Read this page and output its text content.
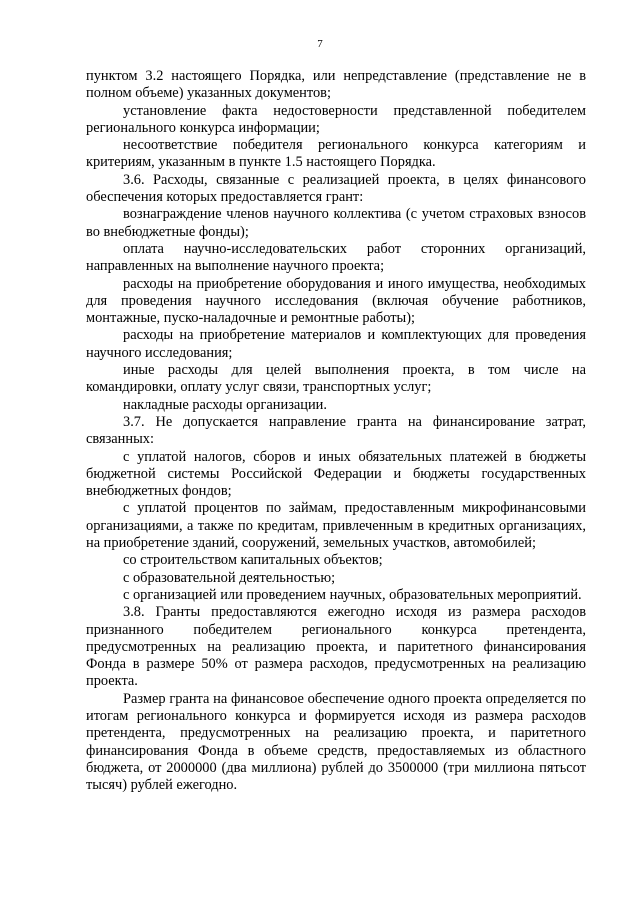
7

пунктом 3.2 настоящего Порядка, или непредставление (представление не в полном объеме) указанных документов;

установление факта недостоверности представленной победителем регионального конкурса информации;

несоответствие победителя регионального конкурса категориям и критериям, указанным в пункте 1.5 настоящего Порядка.

3.6. Расходы, связанные с реализацией проекта, в целях финансового обеспечения которых предоставляется грант:

вознаграждение членов научного коллектива (с учетом страховых взносов во внебюджетные фонды);

оплата научно-исследовательских работ сторонних организаций, направленных на выполнение научного проекта;

расходы на приобретение оборудования и иного имущества, необходимых для проведения научного исследования (включая обучение работников, монтажные, пуско-наладочные и ремонтные работы);

расходы на приобретение материалов и комплектующих для проведения научного исследования;

иные расходы для целей выполнения проекта, в том числе на командировки, оплату услуг связи, транспортных услуг;

накладные расходы организации.

3.7. Не допускается направление гранта на финансирование затрат, связанных:

с уплатой налогов, сборов и иных обязательных платежей в бюджеты бюджетной системы Российской Федерации и бюджеты государственных внебюджетных фондов;

с уплатой процентов по займам, предоставленным микрофинансовыми организациями, а также по кредитам, привлеченным в кредитных организациях, на приобретение зданий, сооружений, земельных участков, автомобилей;

со строительством капитальных объектов;

с образовательной деятельностью;

с организацией или проведением научных, образовательных мероприятий.

3.8. Гранты предоставляются ежегодно исходя из размера расходов признанного победителем регионального конкурса претендента, предусмотренных на реализацию проекта, и паритетного финансирования Фонда в размере 50% от размера расходов, предусмотренных на реализацию проекта.

Размер гранта на финансовое обеспечение одного проекта определяется по итогам регионального конкурса и формируется исходя из размера расходов претендента, предусмотренных на реализацию проекта, и паритетного финансирования Фонда в объеме средств, предоставляемых из областного бюджета, от 2000000 (два миллиона) рублей до 3500000 (три миллиона пятьсот тысяч) рублей ежегодно.
